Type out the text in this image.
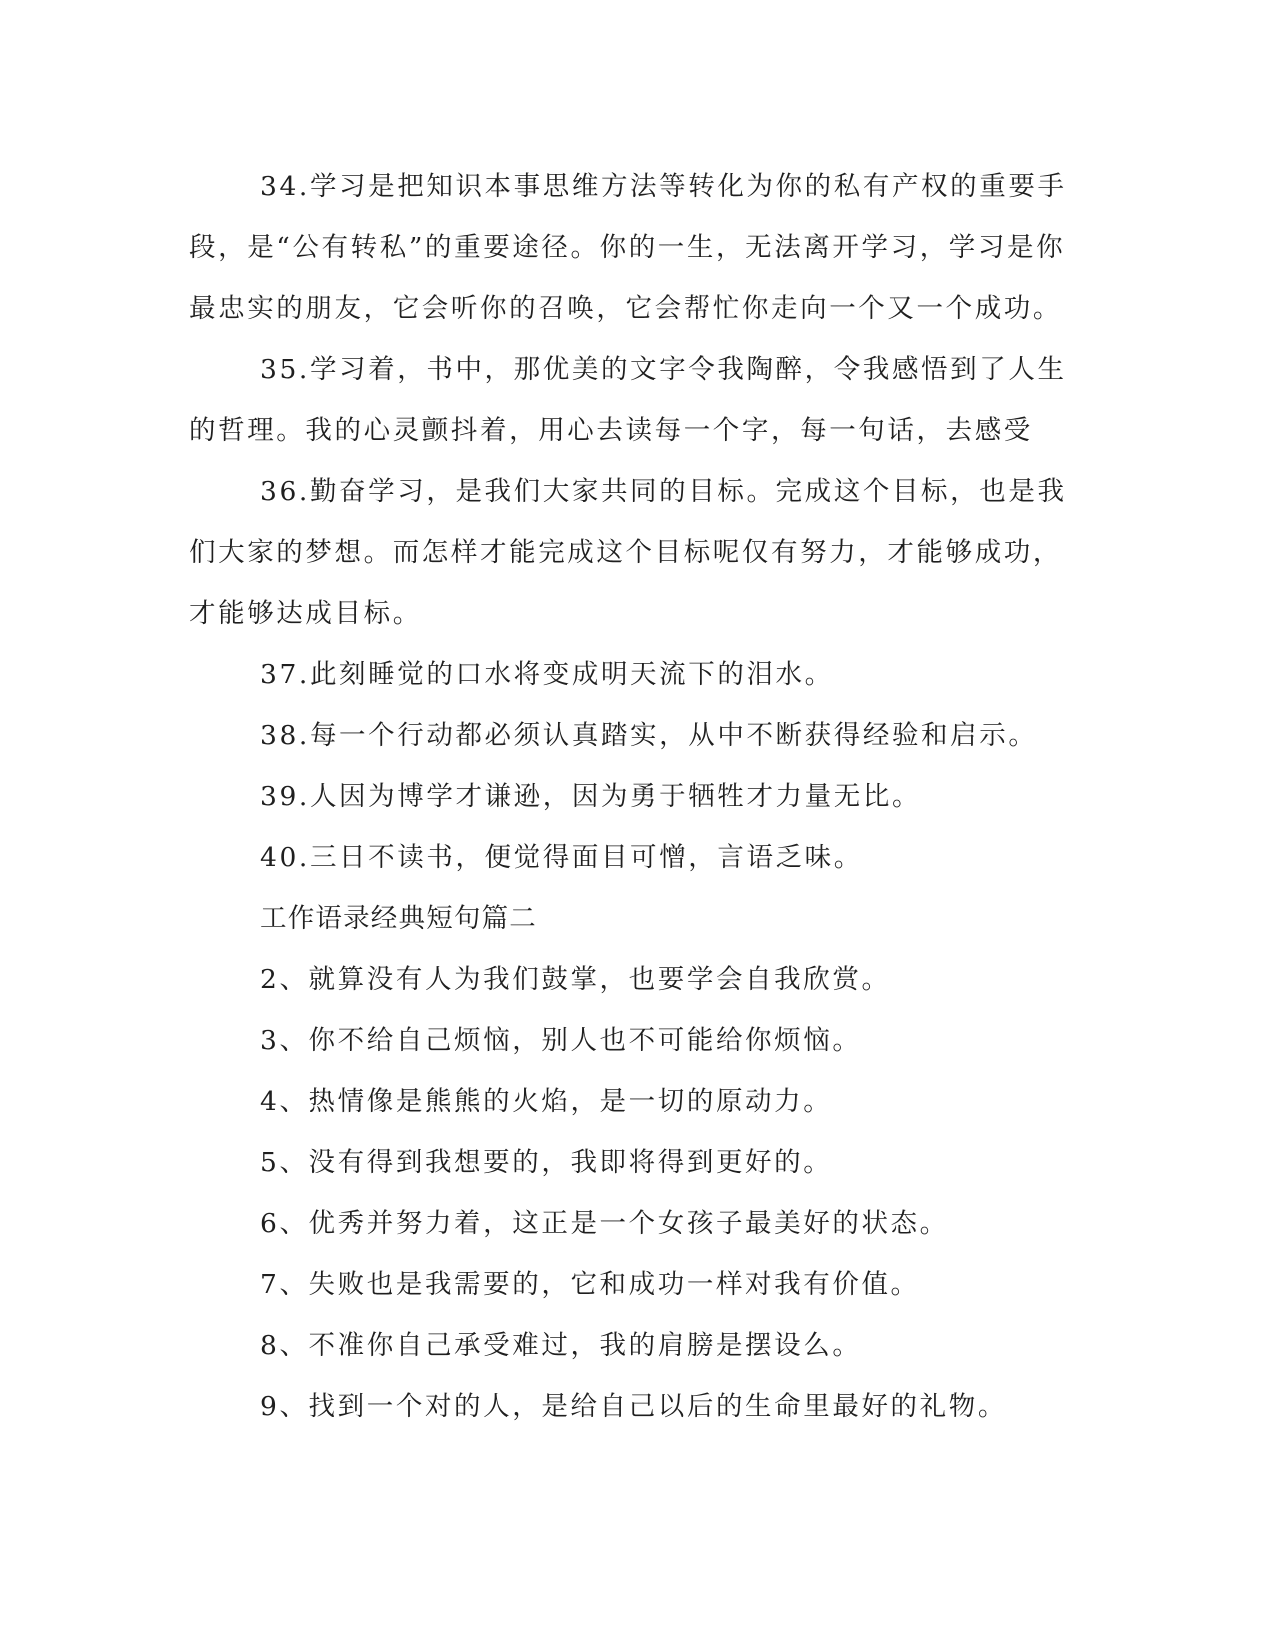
34.学习是把知识本事思维方法等转化为你的私有产权的重要手段，是“公有转私”的重要途径。你的一生，无法离开学习，学习是你最忠实的朋友，它会听你的召唤，它会帮忙你走向一个又一个成功。

35.学习着，书中，那优美的文字令我陶醉，令我感悟到了人生的哲理。我的心灵颤抖着，用心去读每一个字，每一句话，去感受

36.勤奋学习，是我们大家共同的目标。完成这个目标，也是我们大家的梦想。而怎样才能完成这个目标呢仅有努力，才能够成功，才能够达成目标。

37.此刻睡觉的口水将变成明天流下的泪水。

38.每一个行动都必须认真踏实，从中不断获得经验和启示。

39.人因为博学才谦逊，因为勇于牺牲才力量无比。

40.三日不读书，便觉得面目可憎，言语乏味。

工作语录经典短句篇二

2、就算没有人为我们鼓掌，也要学会自我欣赏。

3、你不给自己烦恼，别人也不可能给你烦恼。

4、热情像是熊熊的火焰，是一切的原动力。

5、没有得到我想要的，我即将得到更好的。

6、优秀并努力着，这正是一个女孩子最美好的状态。

7、失败也是我需要的，它和成功一样对我有价值。

8、不准你自己承受难过，我的肩膀是摆设么。

9、找到一个对的人，是给自己以后的生命里最好的礼物。
